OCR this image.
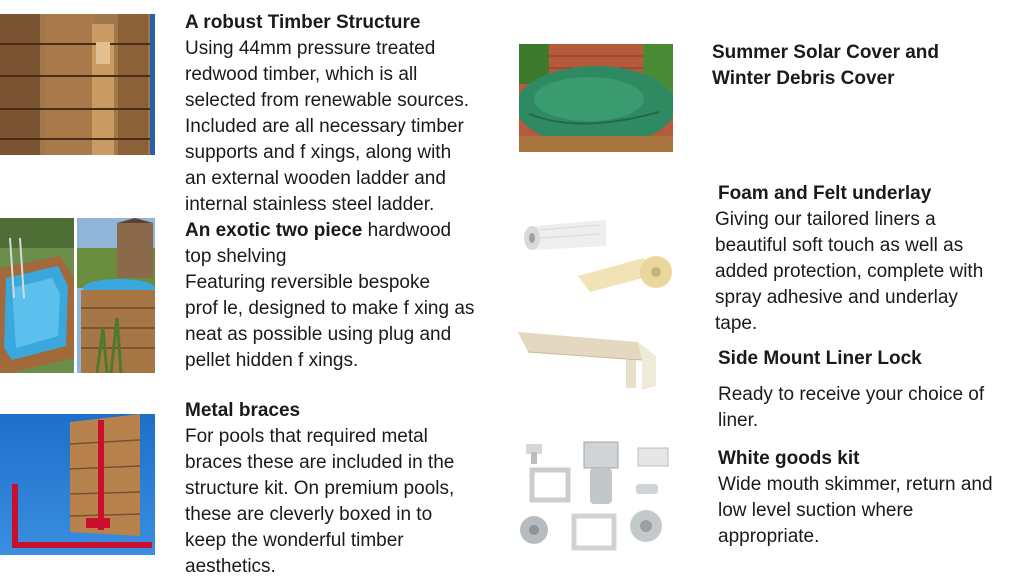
A robust Timber Structure

Using 44mm pressure treated

redwood timber, which is all

selected from renewable sources.

Included are all necessary timber

supports and f xings, along with

an external wooden ladder and

internal stainless steel ladder.

An exotic two piece hardwood

top shelving

Featuring reversible bespoke

prof le, designed to make f xing as

neat as possible using plug and

pellet hidden f xings.

Metal braces

For pools that required metal

braces these are included in the

structure kit. On premium pools,

these are cleverly boxed in to

keep the wonderful timber

aesthetics.

Summer Solar Cover and

Winter Debris Cover

Foam and Felt underlay

Giving our tailored liners a

beautiful soft touch as well as

added protection, complete with

spray adhesive and underlay

tape.

Side Mount Liner Lock

Ready to receive your choice of

liner.

White goods kit

Wide mouth skimmer, return and

low level suction where

appropriate.
